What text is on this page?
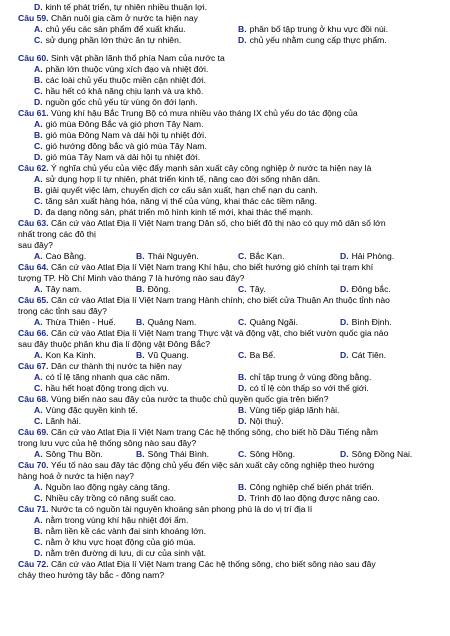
D. kinh tế phát triển, tự nhiên nhiều thuận lợi.
Câu 59. Chăn nuôi gia cầm ở nước ta hiện nay
A. chủ yếu các sản phẩm để xuất khẩu.	B. phân bố tập trung ở khu vực đồi núi.
C. sử dụng phần lớn thức ăn tự nhiên.	D. chủ yếu nhằm cung cấp thực phẩm.
Câu 60. Sinh vật phần lãnh thổ phía Nam của nước ta
A. phần lớn thuộc vùng xích đạo và nhiệt đới.
B. các loài chủ yếu thuộc miền cận nhiệt đới.
C. hầu hết có khả năng chịu lạnh và ưa khô.
D. nguồn gốc chủ yếu từ vùng ôn đới lạnh.
Câu 61. Vùng khí hậu Bắc Trung Bộ có mưa nhiều vào tháng IX chủ yếu do tác động của
A. gió mùa Đông Bắc và gió phơn Tây Nam.
B. gió mùa Đông Nam và dải hội tụ nhiệt đới.
C. gió hướng đông bắc và gió mùa Tây Nam.
D. gió mùa Tây Nam và dải hội tụ nhiệt đới.
Câu 62. Ý nghĩa chủ yếu của việc đẩy mạnh sản xuất cây công nghiệp ở nước ta hiện nay là
A. sử dụng hợp lí tự nhiên, phát triển kinh tế, nâng cao đời sống nhân dân.
B. giải quyết việc làm, chuyển dịch cơ cấu sản xuất, hạn chế nạn du canh.
C. tăng sản xuất hàng hóa, nâng vị thế của vùng, khai thác các tiềm năng.
D. đa dạng nông sản, phát triển mô hình kinh tế mới, khai thác thế mạnh.
Câu 63. Căn cứ vào Atlat Địa lí Việt Nam trang Dân số, cho biết đô thị nào có quy mô dân số lớn
nhất trong các đô thị
sau đây?
A. Cao Bằng.	B. Thái Nguyên.	C. Bắc Kạn.	D. Hải Phòng.
Câu 64. Căn cứ vào Atlat Địa lí Việt Nam trang Khí hậu, cho biết hướng gió chính tại trạm khí
tượng TP. Hồ Chí Minh vào tháng 7 là hướng nào sau đây?
A. Tây nam.	B. Đông.	C. Tây.	D. Đông bắc.
Câu 65. Căn cứ vào Atlat Địa lí Việt Nam trang Hành chính, cho biết cửa Thuận An thuộc tỉnh nào
trong các tỉnh sau đây?
A. Thừa Thiên - Huế.	B. Quảng Nam.	C. Quảng Ngãi.	D. Bình Định.
Câu 66. Căn cứ vào Atlat Địa lí Việt Nam trang Thực vật và động vật, cho biết vườn quốc gia nào
sau đây thuộc phân khu địa lí động vật Đông Bắc?
A. Kon Ka Kinh.	B. Vũ Quang.	C. Ba Bể.	D. Cát Tiên.
Câu 67. Dân cư thành thị nước ta hiện nay
A. có tỉ lệ tăng nhanh qua các năm.	B. chỉ tập trung ở vùng đồng bằng.
C. hầu hết hoạt động trong dịch vụ.	D. có tỉ lệ còn thấp so với thế giới.
Câu 68. Vùng biển nào sau đây của nước ta thuộc chủ quyền quốc gia trên biển?
A. Vùng đặc quyền kinh tế.	B. Vùng tiếp giáp lãnh hải.
C. Lãnh hải.	D. Nội thuỷ.
Câu 69. Căn cứ vào Atlat Địa lí Việt Nam trang Các hệ thống sông, cho biết hồ Dầu Tiếng nằm
trong lưu vực của hệ thống sông nào sau đây?
A. Sông Thu Bồn.	B. Sông Thái Bình.	C. Sông Hồng.	D. Sông Đồng Nai.
Câu 70. Yếu tố nào sau đây tác động chủ yếu đến việc sản xuất cây công nghiệp theo hướng
hàng hoá ở nước ta hiện nay?
A. Nguồn lao động ngày càng tăng.	B. Công nghiệp chế biến phát triển.
C. Nhiều cây trồng có năng suất cao.	D. Trình độ lao động được nâng cao.
Câu 71. Nước ta có nguồn tài nguyên khoáng sản phong phú là do vị trí địa lí
A. nằm trong vùng khí hậu nhiệt đới ẩm.
B. nằm liền kề các vành đai sinh khoáng lớn.
C. nằm ở khu vực hoạt động của gió mùa.
D. nằm trên đường di lưu, di cư của sinh vật.
Câu 72. Căn cứ vào Atlat Địa lí Việt Nam trang Các hệ thống sông, cho biết sông nào sau đây
chảy theo hướng tây bắc - đông nam?
